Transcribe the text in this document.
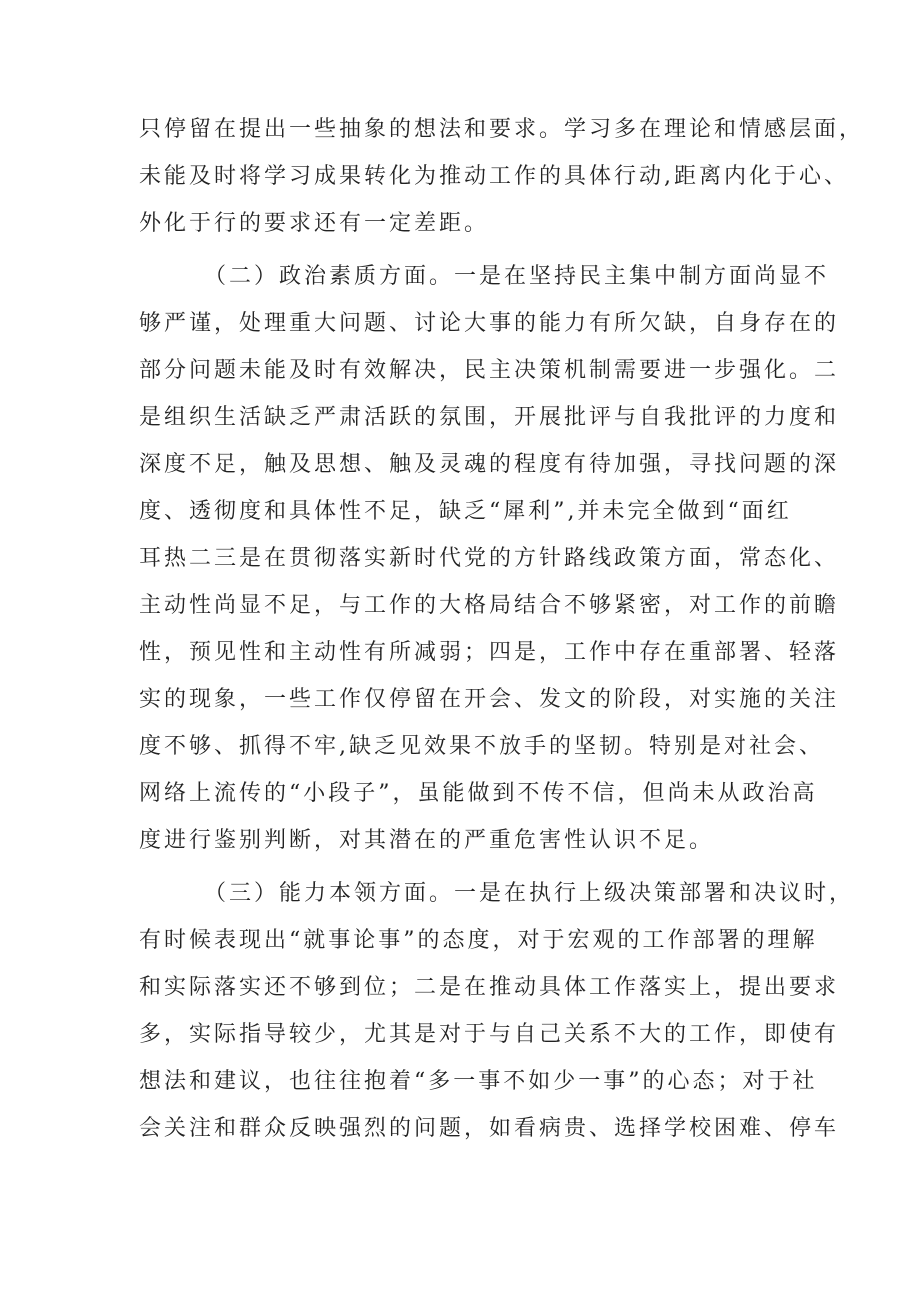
只停留在提出一些抽象的想法和要求。学习多在理论和情感层面，
未能及时将学习成果转化为推动工作的具体行动,距离内化于心、
外化于行的要求还有一定差距。
（二）政治素质方面。一是在坚持民主集中制方面尚显不
够严谨，处理重大问题、讨论大事的能力有所欠缺，自身存在的
部分问题未能及时有效解决，民主决策机制需要进一步强化。二
是组织生活缺乏严肃活跃的氛围，开展批评与自我批评的力度和
深度不足，触及思想、触及灵魂的程度有待加强，寻找问题的深
度、透彻度和具体性不足，缺乏“犀利”,并未完全做到“面红
耳热二三是在贯彻落实新时代党的方针路线政策方面，常态化、
主动性尚显不足，与工作的大格局结合不够紧密，对工作的前瞻
性，预见性和主动性有所减弱；四是，工作中存在重部署、轻落
实的现象，一些工作仅停留在开会、发文的阶段，对实施的关注
度不够、抓得不牢,缺乏见效果不放手的坚韧。特别是对社会、
网络上流传的“小段子”，虽能做到不传不信，但尚未从政治高
度进行鉴别判断，对其潜在的严重危害性认识不足。
（三）能力本领方面。一是在执行上级决策部署和决议时，
有时候表现出“就事论事”的态度，对于宏观的工作部署的理解
和实际落实还不够到位；二是在推动具体工作落实上，提出要求
多，实际指导较少，尤其是对于与自己关系不大的工作，即使有
想法和建议，也往往抱着“多一事不如少一事”的心态；对于社
会关注和群众反映强烈的问题，如看病贵、选择学校困难、停车
